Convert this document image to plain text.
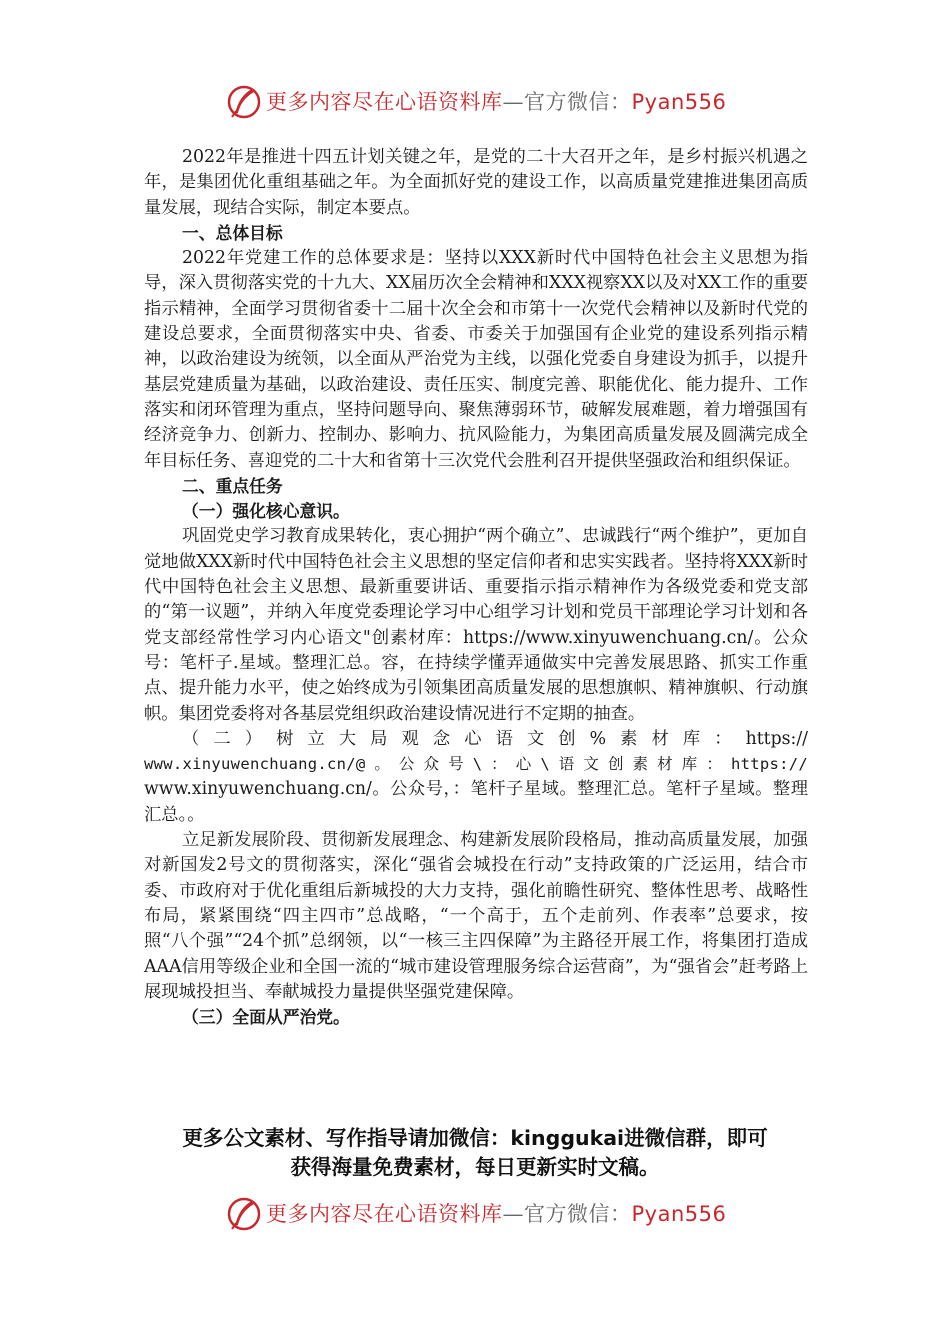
更多内容尽在心语资料库—官方微信：Pyan556

2022年是推进十四五计划关键之年，是党的二十大召开之年，是乡村振兴机遇之年，是集团优化重组基础之年。为全面抓好党的建设工作，以高质量党建推进集团高质量发展，现结合实际，制定本要点。

一、总体目标

2022年党建工作的总体要求是：坚持以XXX新时代中国特色社会主义思想为指导，深入贯彻落实党的十九大、XX届历次全会精神和XXX视察XX以及对XX工作的重要指示精神，全面学习贯彻省委十二届十次全会和市第十一次党代会精神以及新时代党的建设总要求，全面贯彻落实中央、省委、市委关于加强国有企业党的建设系列指示精神，以政治建设为统领，以全面从严治党为主线，以强化党委自身建设为抓手，以提升基层党建质量为基础，以政治建设、责任压实、制度完善、职能优化、能力提升、工作落实和闭环管理为重点，坚持问题导向、聚焦薄弱环节，破解发展难题，着力增强国有经济竞争力、创新力、控制办、影响力、抗风险能力，为集团高质量发展及圆满完成全年目标任务、喜迎党的二十大和省第十三次党代会胜利召开提供坚强政治和组织保证。

二、重点任务

（一）强化核心意识。

巩固党史学习教育成果转化，衷心拥护“两个确立”、忠诚践行“两个维护”，更加自觉地做XXX新时代中国特色社会主义思想的坚定信仰者和忠实实践者。坚持将XXX新时代中国特色社会主义思想、最新重要讲话、重要指示指示精神作为各级党委和党支部的“第一议题”，并纳入年度党委理论学习中心组学习计划和党员干部理论学习计划和各党支部经常性学习内心语文"创素材库：https://www.xinyuwenchuang.cn/。公众号：笔杆子.星域。整理汇总。容，在持续学懂弄通做实中完善发展思路、抓实工作重点、提升能力水平，使之始终成为引领集团高质量发展的思想旗帜、精神旗帜、行动旗帜。集团党委将对各基层党组织政治建设情况进行不定期的抽查。

（二）树立大局观念心语文创%素材库：https://

www.xinyuwenchuang.cn/@。公众号\：心\语文创素材库：https://

www.xinyuwenchuang.cn/。公众号，：笔杆子星域。整理汇总。笔杆子星域。整理汇总。。

立足新发展阶段、贯彻新发展理念、构建新发展阶段格局，推动高质量发展，加强对新国发2号文的贯彻落实，深化“强省会城投在行动”支持政策的广泛运用，结合市委、市政府对于优化重组后新城投的大力支持，强化前瞻性研究、整体性思考、战略性布局，紧紧围绕“四主四市”总战略，“一个高于，五个走前列、作表率”总要求，按照“八个强”“24个抓”总纲领，以“一核三主四保障”为主路径开展工作，将集团打造成AAA信用等级企业和全国一流的“城市建设管理服务综合运营商”，为“强省会”赶考路上展现城投担当、奉献城投力量提供坚强党建保障。

（三）全面从严治党。

更多公文素材、写作指导请加微信：kinggukai进微信群，即可
获得海量免费素材，每日更新实时文稿。
更多内容尽在心语资料库—官方微信：Pyan556
